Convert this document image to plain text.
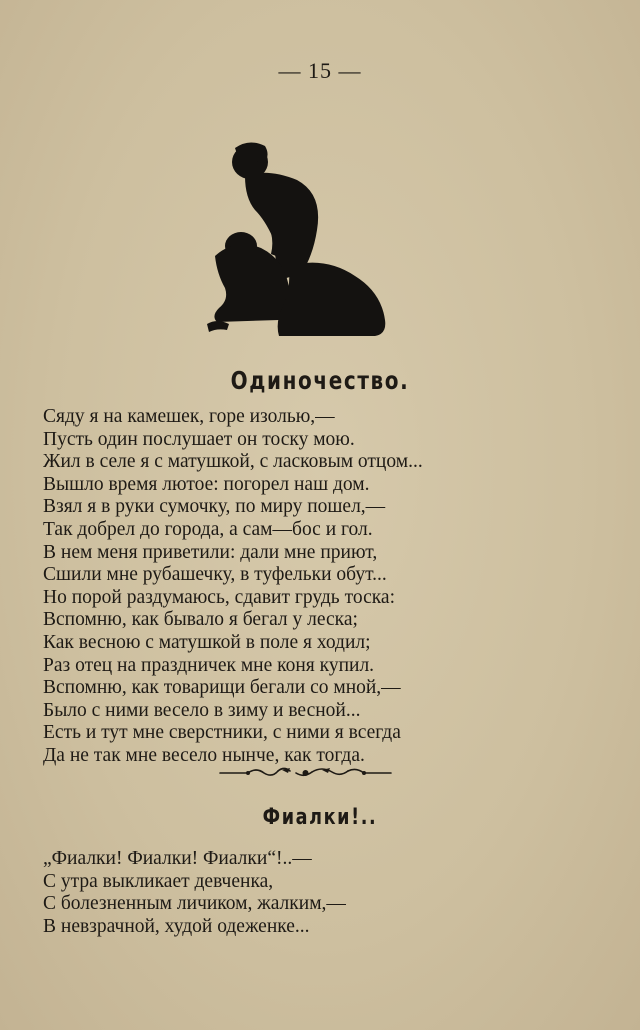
— 15 —
Одиночество.
Сяду я на камешек, горе изолью,—
Пусть один послушает он тоску мою.
Жил в селе я с матушкой, с ласковым отцом...
Вышло время лютое: погорел наш дом.
Взял я в руки сумочку, по миру пошел,—
Так добрел до города, а сам—бос и гол.
В нем меня приветили: дали мне приют,
Сшили мне рубашечку, в туфельки обут...
Но порой раздумаюсь, сдавит грудь тоска:
Вспомню, как бывало я бегал у леска;
Как весною с матушкой в поле я ходил;
Раз отец на праздничек мне коня купил.
Вспомню, как товарищи бегали со мной,—
Было с ними весело в зиму и весной...
Есть и тут мне сверстники, с ними я всегда
Да не так мне весело нынче, как тогда.
Фиалки!..
„Фиалки! Фиалки! Фиалки“!..—
С утра выкликает девченка,
С болезненным личиком, жалким,—
В невзрачной, худой одеженке...
